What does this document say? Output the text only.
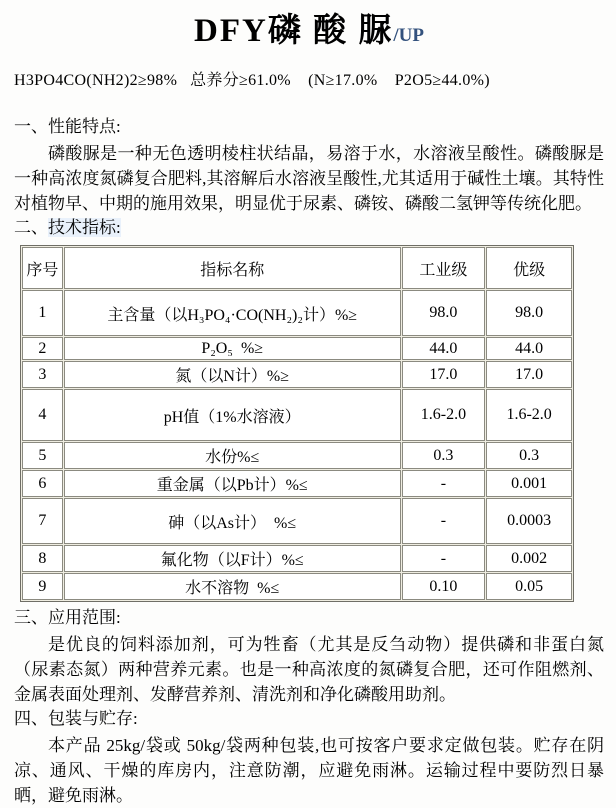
DFY磷 酸 脲/UP

H3PO4CO(NH2)2≥98%   总养分≥61.0%    (N≥17.0%    P2O5≥44.0%)

一、性能特点:

磷酸脲是一种无色透明棱柱状结晶，易溶于水，水溶液呈酸性。磷酸脲是一种高浓度氮磷复合肥料,其溶解后水溶液呈酸性,尤其适用于碱性土壤。其特性对植物早、中期的施用效果，明显优于尿素、磷铵、磷酸二氢钾等传统化肥。

二、技术指标:
序号	指标名称	工业级	优级
1	主含量（以H₃PO₄·CO(NH₂)₂计）%≥	98.0	98.0
2	P₂O₅  %≥	44.0	44.0
3	氮（以N计）%≥	17.0	17.0
4	pH值（1%水溶液）	1.6-2.0	1.6-2.0
5	水份%≤	0.3	0.3
6	重金属（以Pb计）%≤	-	0.001
7	砷（以As计）  %≤	-	0.0003
8	氟化物（以F计）%≤	-	0.002
9	水不溶物  %≤	0.10	0.05
三、应用范围:

是优良的饲料添加剂，可为牲畜（尤其是反刍动物）提供磷和非蛋白氮（尿素态氮）两种营养元素。也是一种高浓度的氮磷复合肥，还可作阻燃剂、金属表面处理剂、发酵营养剂、清洗剂和净化磷酸用助剂。

四、包装与贮存:

本产品 25kg/袋或 50kg/袋两种包装,也可按客户要求定做包装。贮存在阴凉、通风、干燥的库房内，注意防潮，应避免雨淋。运输过程中要防烈日暴晒，避免雨淋。
